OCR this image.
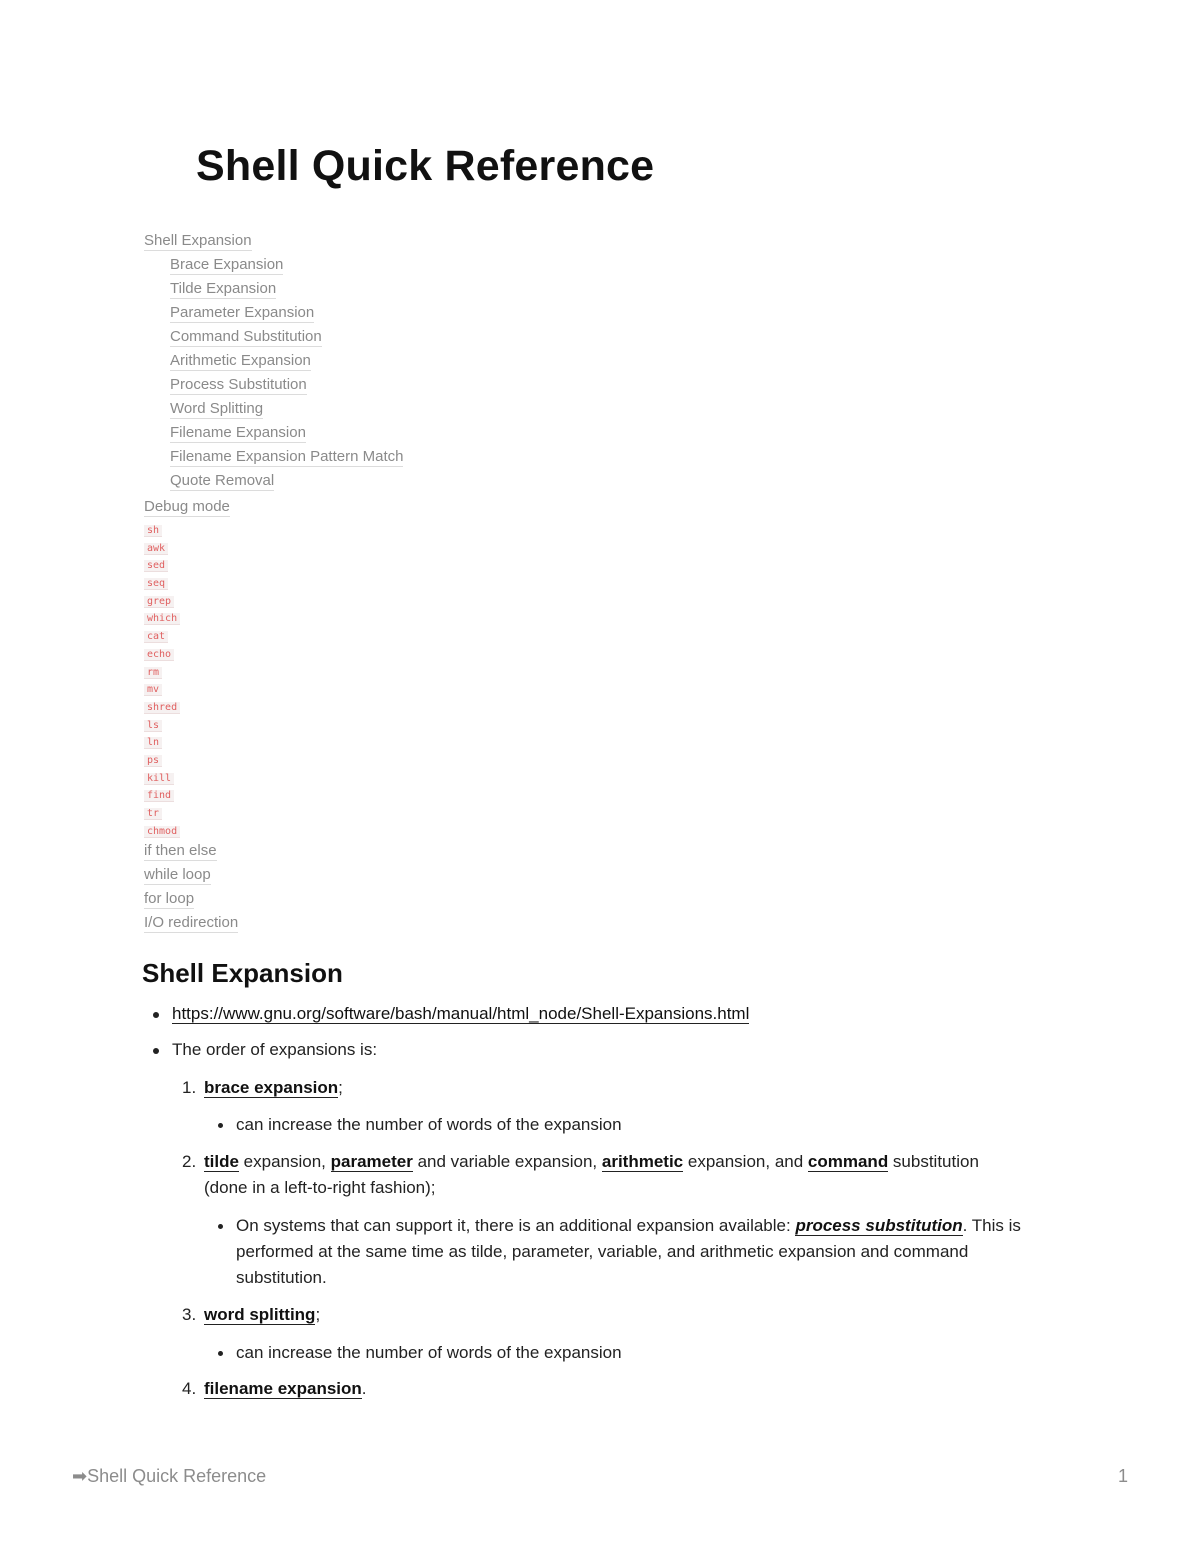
Shell Quick Reference
Shell Expansion
Brace Expansion
Tilde Expansion
Parameter Expansion
Command Substitution
Arithmetic Expansion
Process Substitution
Word Splitting
Filename Expansion
Filename Expansion Pattern Match
Quote Removal
Debug mode
sh
awk
sed
seq
grep
which
cat
echo
rm
mv
shred
ls
ln
ps
kill
find
tr
chmod
if then else
while loop
for loop
I/O redirection
Shell Expansion
https://www.gnu.org/software/bash/manual/html_node/Shell-Expansions.html
The order of expansions is:
1. brace expansion;
can increase the number of words of the expansion
2. tilde expansion, parameter and variable expansion, arithmetic expansion, and command substitution
(done in a left-to-right fashion);
On systems that can support it, there is an additional expansion available: process substitution. This is
performed at the same time as tilde, parameter, variable, and arithmetic expansion and command
substitution.
3. word splitting;
can increase the number of words of the expansion
4. filename expansion.
➡Shell Quick Reference	1
